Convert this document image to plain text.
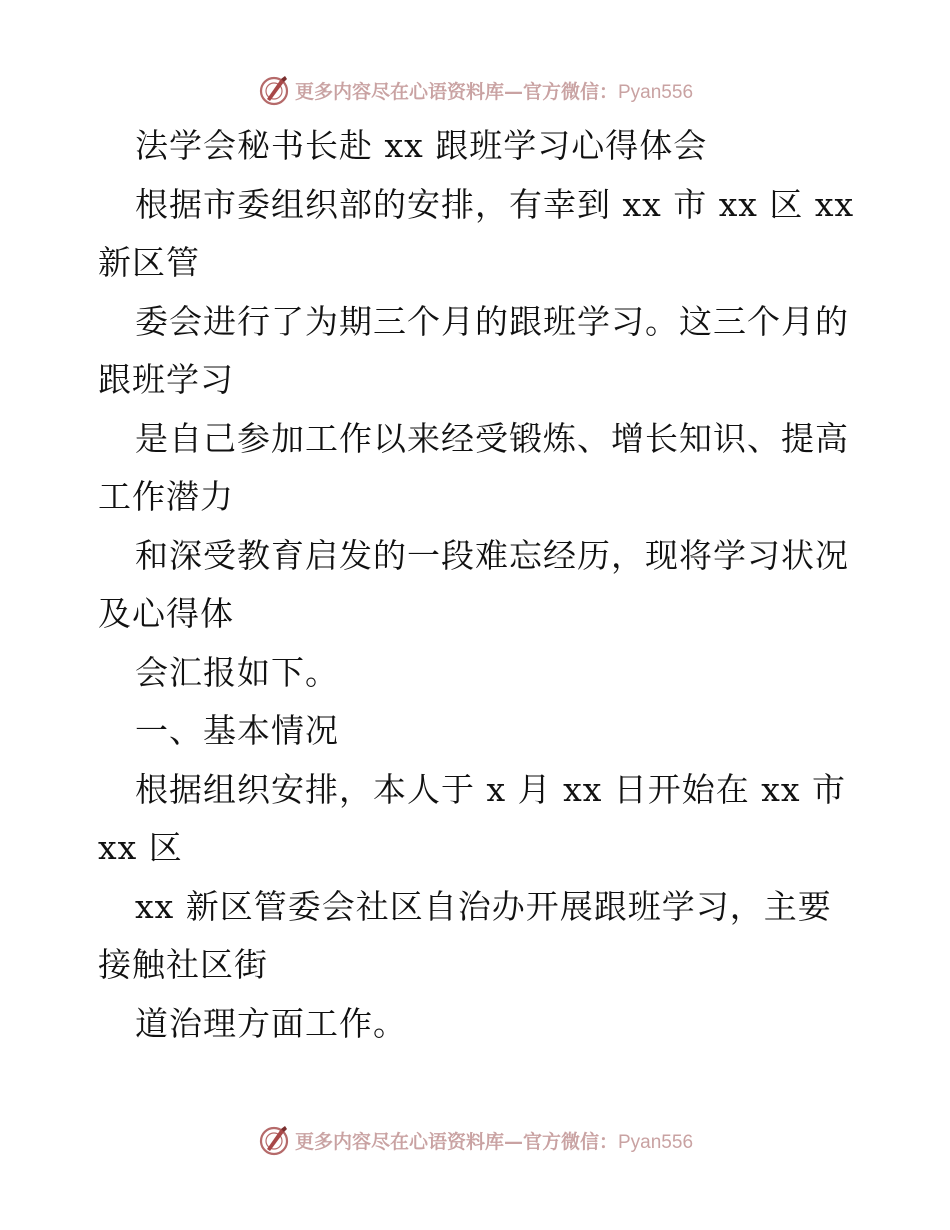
更多内容尽在心语资料库—官方微信：Pyan556
法学会秘书长赴 xx 跟班学习心得体会
根据市委组织部的安排，有幸到 xx 市 xx 区 xx
新区管
委会进行了为期三个月的跟班学习。这三个月的
跟班学习
是自己参加工作以来经受锻炼、增长知识、提高
工作潜力
和深受教育启发的一段难忘经历，现将学习状况
及心得体
会汇报如下。
一、基本情况
根据组织安排，本人于 x 月 xx 日开始在 xx 市
xx 区
xx 新区管委会社区自治办开展跟班学习，主要
接触社区街
道治理方面工作。
更多内容尽在心语资料库—官方微信：Pyan556
